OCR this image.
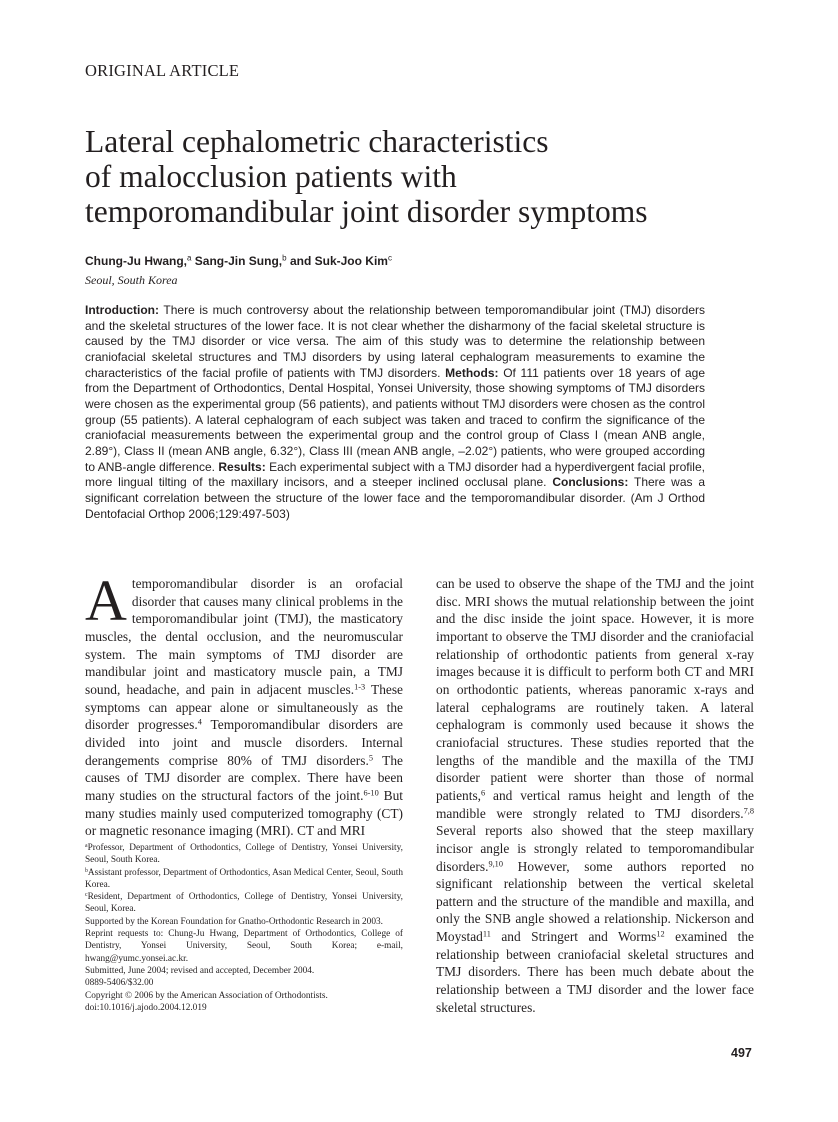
ORIGINAL ARTICLE
Lateral cephalometric characteristics
of malocclusion patients with
temporomandibular joint disorder symptoms
Chung-Ju Hwang,$^a$ Sang-Jin Sung,$^b$ and Suk-Joo Kim$^c$
Seoul, South Korea

Introduction: There is much controversy about the relationship between temporomandibular joint (TMJ) disorders and the skeletal structures of the lower face. It is not clear whether the disharmony of the facial skeletal structure is caused by the TMJ disorder or vice versa. The aim of this study was to determine the relationship between craniofacial skeletal structures and TMJ disorders by using lateral cephalogram measurements to examine the characteristics of the facial profile of patients with TMJ disorders. Methods: Of 111 patients over 18 years of age from the Department of Orthodontics, Dental Hospital, Yonsei University, those showing symptoms of TMJ disorders were chosen as the experimental group (56 patients), and patients without TMJ disorders were chosen as the control group (55 patients). A lateral cephalogram of each subject was taken and traced to confirm the significance of the craniofacial measurements between the experimental group and the control group of Class I (mean ANB angle, 2.89°), Class II (mean ANB angle, 6.32°), Class III (mean ANB angle, –2.02°) patients, who were grouped according to ANB-angle difference. Results: Each experimental subject with a TMJ disorder had a hyperdivergent facial profile, more lingual tilting of the maxillary incisors, and a steeper inclined occlusal plane. Conclusions: There was a significant correlation between the structure of the lower face and the temporomandibular disorder. (Am J Orthod Dentofacial Orthop 2006;129:497-503)

A temporomandibular disorder is an orofacial disorder that causes many clinical problems in the temporomandibular joint (TMJ), the masticatory muscles, the dental occlusion, and the neuromuscular system. The main symptoms of TMJ disorder are mandibular joint and masticatory muscle pain, a TMJ sound, headache, and pain in adjacent muscles.$^{1-3}$ These symptoms can appear alone or simultaneously as the disorder progresses.$^4$ Temporomandibular disorders are divided into joint and muscle disorders. Internal derangements comprise 80% of TMJ disorders.$^5$ The causes of TMJ disorder are complex. There have been many studies on the structural factors of the joint.$^{6-10}$ But many studies mainly used computerized tomography (CT) or magnetic resonance imaging (MRI). CT and MRI

$^a$Professor, Department of Orthodontics, College of Dentistry, Yonsei University, Seoul, South Korea.

$^b$Assistant professor, Department of Orthodontics, Asan Medical Center, Seoul, South Korea.

$^c$Resident, Department of Orthodontics, College of Dentistry, Yonsei University, Seoul, Korea.

Supported by the Korean Foundation for Gnatho-Orthodontic Research in 2003.

Reprint requests to: Chung-Ju Hwang, Department of Orthodontics, College of Dentistry, Yonsei University, Seoul, South Korea; e-mail, hwang@yumc.yonsei.ac.kr.

Submitted, June 2004; revised and accepted, December 2004.

0889-5406/$32.00

Copyright © 2006 by the American Association of Orthodontists.

doi:10.1016/j.ajodo.2004.12.019

can be used to observe the shape of the TMJ and the joint disc. MRI shows the mutual relationship between the joint and the disc inside the joint space. However, it is more important to observe the TMJ disorder and the craniofacial relationship of orthodontic patients from general x-ray images because it is difficult to perform both CT and MRI on orthodontic patients, whereas panoramic x-rays and lateral cephalograms are routinely taken. A lateral cephalogram is commonly used because it shows the craniofacial structures. These studies reported that the lengths of the mandible and the maxilla of the TMJ disorder patient were shorter than those of normal patients,$^6$ and vertical ramus height and length of the mandible were strongly related to TMJ disorders.$^{7,8}$ Several reports also showed that the steep maxillary incisor angle is strongly related to temporomandibular disorders.$^{9,10}$ However, some authors reported no significant relationship between the vertical skeletal pattern and the structure of the mandible and maxilla, and only the SNB angle showed a relationship. Nickerson and Moystad$^{11}$ and Stringert and Worms$^{12}$ examined the relationship between craniofacial skeletal structures and TMJ disorders. There has been much debate about the relationship between a TMJ disorder and the lower face skeletal structures.

497
